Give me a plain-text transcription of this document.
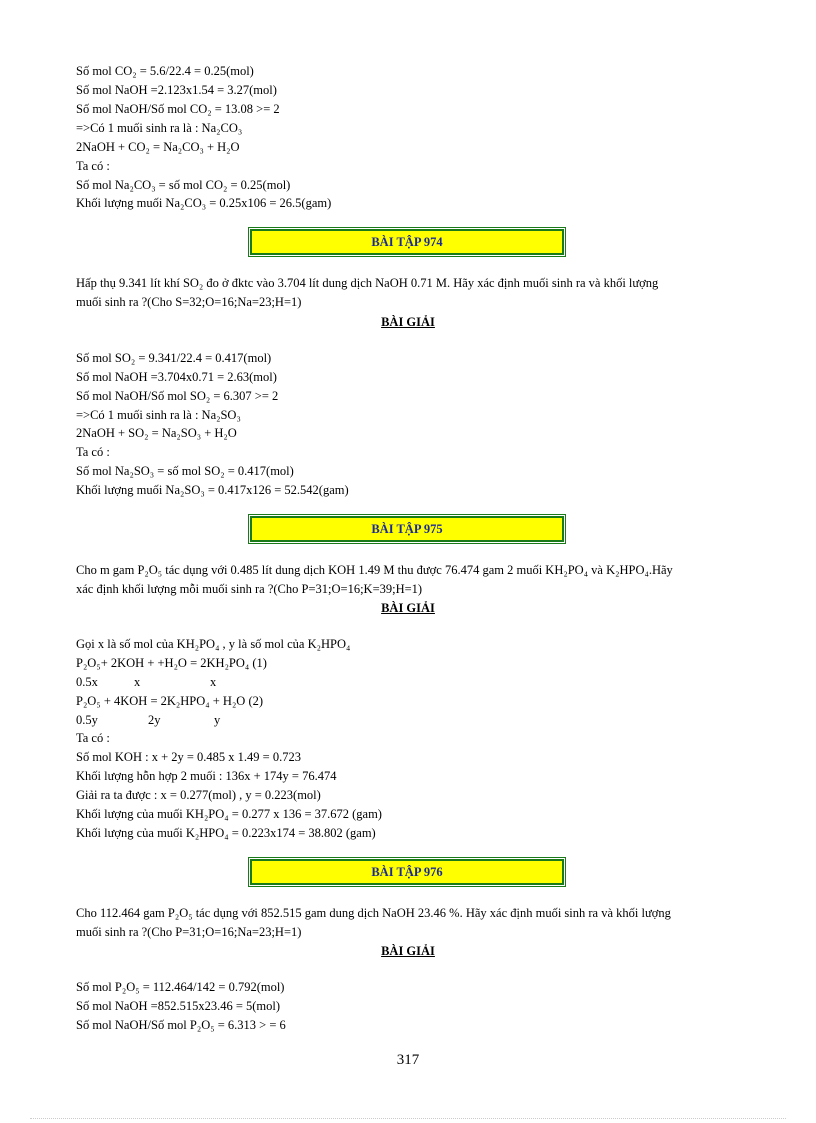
Số mol CO₂ = 5.6/22.4 = 0.25(mol)
Số mol NaOH =2.123x1.54 = 3.27(mol)
Số mol NaOH/Số mol CO₂ = 13.08 >= 2
=>Có 1 muối sinh ra là : Na₂CO₃
2NaOH + CO₂ = Na₂CO₃ + H₂O
Ta có :
Số mol Na₂CO₃ = số mol CO₂ = 0.25(mol)
Khối lượng muối Na₂CO₃ = 0.25x106 = 26.5(gam)
BÀI TẬP 974
Hấp thụ 9.341 lít khí SO₂ đo ở đktc vào 3.704 lít dung dịch NaOH 0.71 M. Hãy xác định muối sinh ra và khối lượng
muối sinh ra ?(Cho S=32;O=16;Na=23;H=1)
BÀI GIẢI
Số mol SO₂ = 9.341/22.4 = 0.417(mol)
Số mol NaOH =3.704x0.71 = 2.63(mol)
Số mol NaOH/Số mol SO₂ = 6.307 >= 2
=>Có 1 muối sinh ra là : Na₂SO₃
2NaOH + SO₂ = Na₂SO₃ + H₂O
Ta có :
Số mol Na₂SO₃ = số mol SO₂ = 0.417(mol)
Khối lượng muối Na₂SO₃ = 0.417x126 = 52.542(gam)
BÀI TẬP 975
Cho m gam P₂O₅ tác dụng với 0.485 lít dung dịch KOH 1.49 M thu được 76.474 gam 2 muối KH₂PO₄ và K₂HPO₄.Hãy
xác định khối lượng mỗi muối sinh ra ?(Cho P=31;O=16;K=39;H=1)
BÀI GIẢI
Gọi x là số mol của KH₂PO₄ , y là số mol của K₂HPO₄
P₂O₅+ 2KOH + +H₂O = 2KH₂PO₄ (1)
0.5x	x	x
P₂O₅ + 4KOH = 2K₂HPO₄ + H₂O (2)
0.5y	2y	y
Ta có :
Số mol KOH : x + 2y = 0.485 x 1.49 = 0.723
Khối lượng hỗn hợp 2 muối : 136x + 174y = 76.474
Giải ra ta được : x = 0.277(mol) , y = 0.223(mol)
Khối lượng của muối KH₂PO₄ = 0.277 x 136 = 37.672 (gam)
Khối lượng của muối K₂HPO₄ = 0.223x174 = 38.802 (gam)
BÀI TẬP 976
Cho 112.464 gam P₂O₅ tác dụng với 852.515 gam dung dịch NaOH 23.46 %. Hãy xác định muối sinh ra và khối lượng
muối sinh ra ?(Cho P=31;O=16;Na=23;H=1)
BÀI GIẢI
Số mol P₂O₅ = 112.464/142 = 0.792(mol)
Số mol NaOH =852.515x23.46 = 5(mol)
Số mol NaOH/Số mol P₂O₅ = 6.313 > = 6
317
